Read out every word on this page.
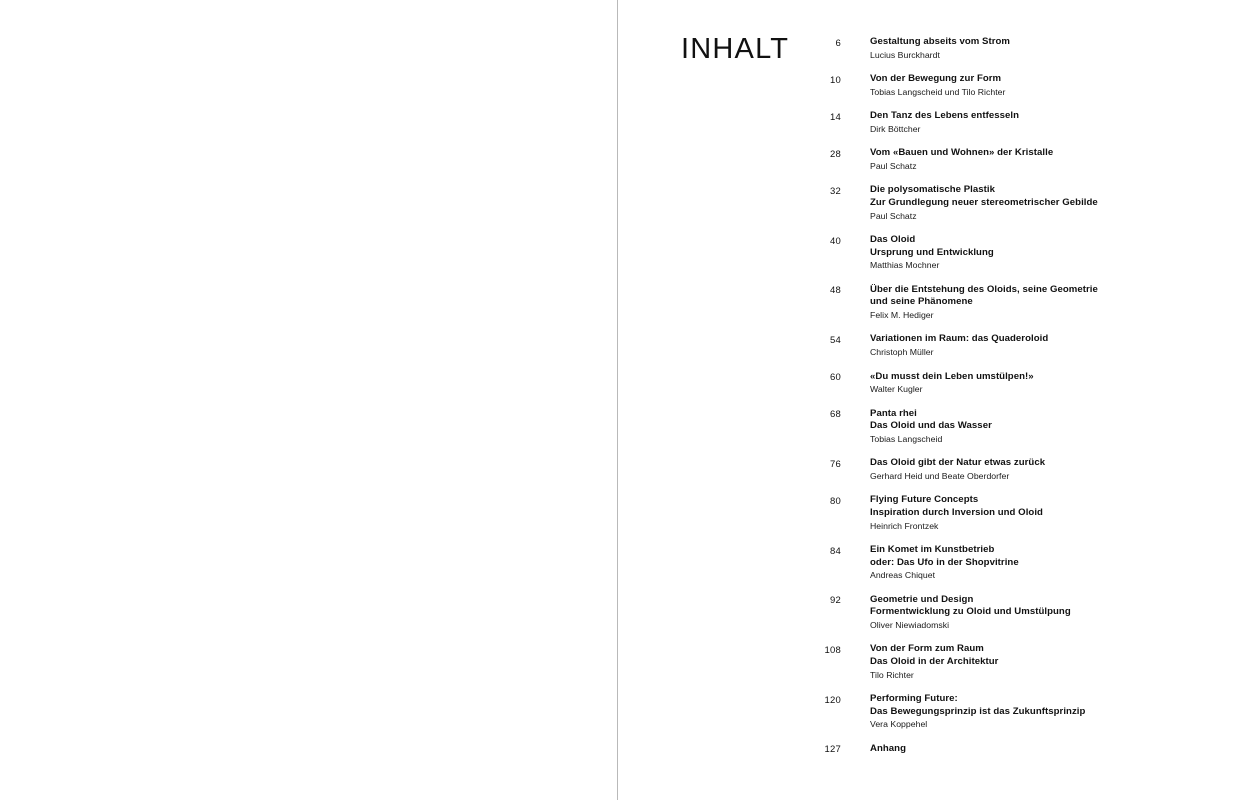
INHALT	6	Gestaltung abseits vom Strom
Lucius Burckhardt
10	Von der Bewegung zur Form
Tobias Langscheid und Tilo Richter
14	Den Tanz des Lebens entfesseln
Dirk Böttcher
28	Vom «Bauen und Wohnen» der Kristalle
Paul Schatz
32	Die polysomatische Plastik
Zur Grundlegung neuer stereometrischer Gebilde
Paul Schatz
40	Das Oloid
Ursprung und Entwicklung
Matthias Mochner
48	Über die Entstehung des Oloids, seine Geometrie
und seine Phänomene
Felix M. Hediger
54	Variationen im Raum: das Quaderoloid
Christoph Müller
60	«Du musst dein Leben umstülpen!»
Walter Kugler
68	Panta rhei
Das Oloid und das Wasser
Tobias Langscheid
76	Das Oloid gibt der Natur etwas zurück
Gerhard Heid und Beate Oberdorfer
80	Flying Future Concepts
Inspiration durch Inversion und Oloid
Heinrich Frontzek
84	Ein Komet im Kunstbetrieb
oder: Das Ufo in der Shopvitrine
Andreas Chiquet
92	Geometrie und Design
Formentwicklung zu Oloid und Umstülpung
Oliver Niewiadomski
108	Von der Form zum Raum
Das Oloid in der Architektur
Tilo Richter
120	Performing Future:
Das Bewegungsprinzip ist das Zukunftsprinzip
Vera Koppehel
127	Anhang
